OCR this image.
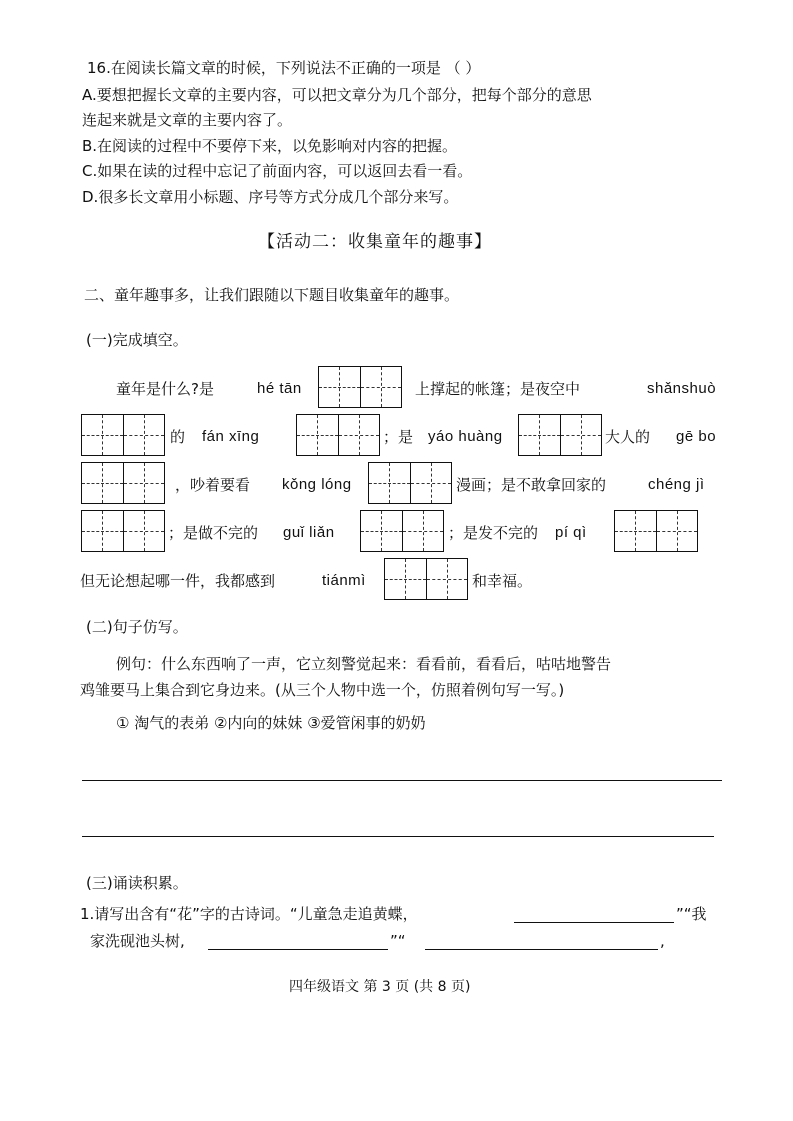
16.在阅读长篇文章的时候，下列说法不正确的一项是 （ ）
A.要想把握长文章的主要内容，可以把文章分为几个部分，把每个部分的意思
连起来就是文章的主要内容了。
B.在阅读的过程中不要停下来，以免影响对内容的把握。
C.如果在读的过程中忘记了前面内容，可以返回去看一看。
D.很多长文章用小标题、序号等方式分成几个部分来写。
【活动二：收集童年的趣事】
二、童年趣事多，让我们跟随以下题目收集童年的趣事。
(一)完成填空。
童年是什么?是	hé tān	上撑起的帐篷；是夜空中	shǎnshuò
的 fán xīng	；是 yáo huàng	大人的 gē bo
，吵着要看 kǒng lóng	漫画；是不敢拿回家的	chéng jì
；是做不完的 guǐ liǎn	；是发不完的 pí qì
但无论想起哪一件，我都感到	tiánmì	和幸福。
(二)句子仿写。
例句：什么东西响了一声，它立刻警觉起来：看看前，看看后，咕咕地警告
鸡雏要马上集合到它身边来。(从三个人物中选一个，仿照着例句写一写。)
① 淘气的表弟 ②内向的妹妹 ③爱管闲事的奶奶
(三)诵读积累。
1.请写出含有“花”字的古诗词。“儿童急走追黄蝶，	”“我
家洗砚池头树,	”“	,
四年级语文 第 3 页 (共 8 页)
